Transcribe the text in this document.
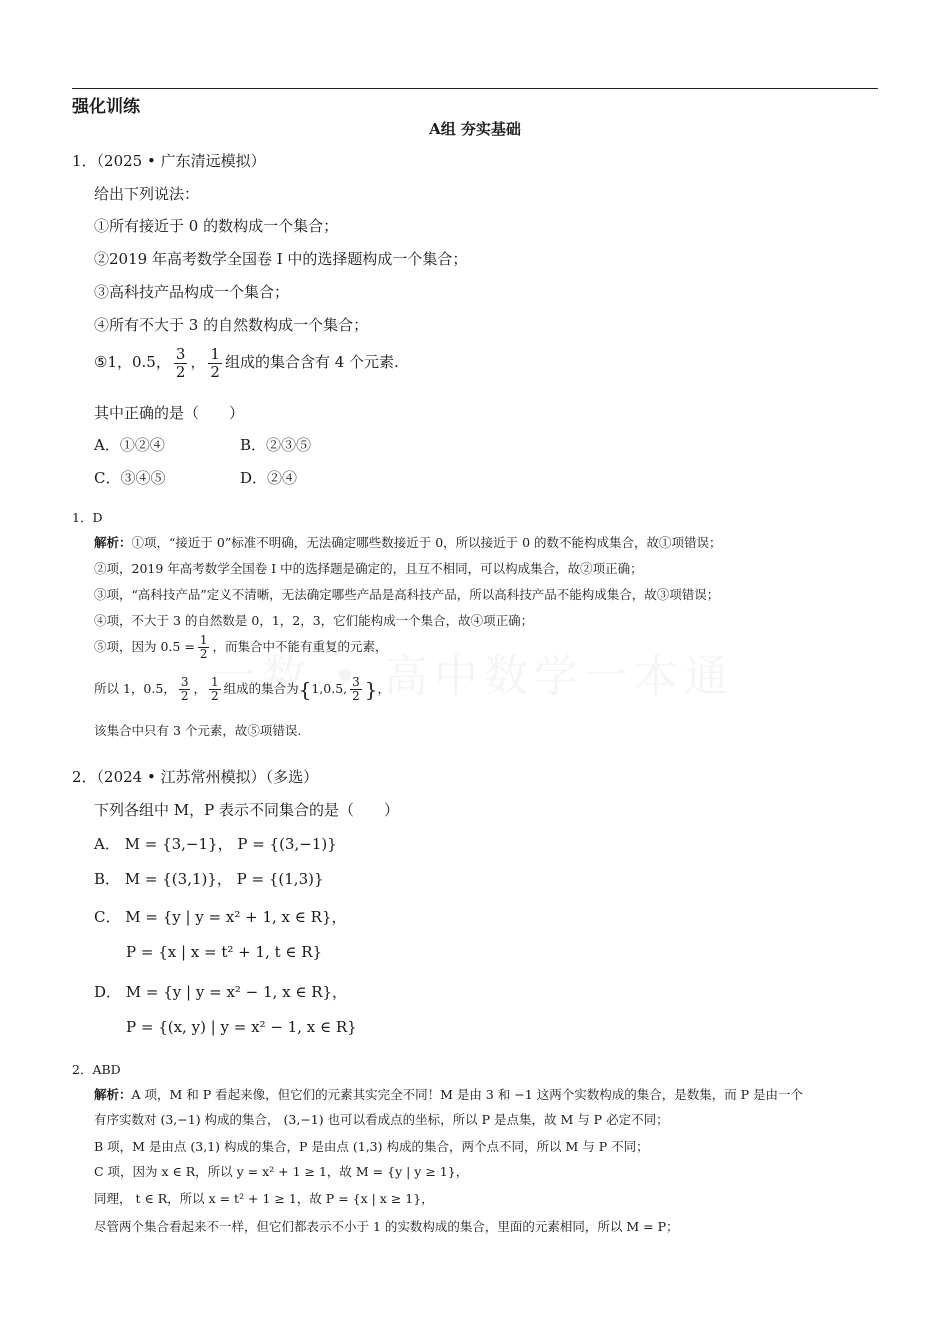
强化训练
A组 夯实基础
1．（2025 • 广东清远模拟）
给出下列说法：
①所有接近于 0 的数构成一个集合；
②2019 年高考数学全国卷 I 中的选择题构成一个集合；
③高科技产品构成一个集合；
④所有不大于 3 的自然数构成一个集合；
⑤1，0.5， $\frac{3}{2}$ ， $\frac{1}{2}$ 组成的集合含有 4 个元素.
其中正确的是（　　）
A．①②④	B．②③⑤
C．③④⑤	D．②④
1．D
解析：①项，“接近于 0”标准不明确，无法确定哪些数接近于 0，所以接近于 0 的数不能构成集合，故①项错误；
②项，2019 年高考数学全国卷 I 中的选择题是确定的，且互不相同，可以构成集合，故②项正确；
③项，“高科技产品”定义不清晰，无法确定哪些产品是高科技产品，所以高科技产品不能构成集合，故③项错误；
④项，不大于 3 的自然数是 0，1，2，3，它们能构成一个集合，故④项正确；
⑤项，因为 $0.5 = \frac{1}{2}$ ，而集合中不能有重复的元素，
所以 1，0.5， $\frac{3}{2}$ ， $\frac{1}{2}$ 组成的集合为{1,0.5, $\frac{3}{2}$ }，
该集合中只有 3 个元素，故⑤项错误.
2．（2024 • 江苏常州模拟）（多选）
下列各组中 M，P 表示不同集合的是（　　）
A． M = {3,−1}， P = {(3,−1)}
B． M = {(3,1)}， P = {(1,3)}
C． M = {y | y = x² + 1, x ∈ R}，
P = {x | x = t² + 1, t ∈ R}
D． M = {y | y = x² − 1, x ∈ R}，
P = {(x, y) | y = x² − 1, x ∈ R}
2．ABD
解析：A 项，M 和 P 看起来像，但它们的元素其实完全不同！M 是由 3 和 −1 这两个实数构成的集合，是数集，而 P 是由一个
有序实数对 (3,−1) 构成的集合， (3,−1) 也可以看成点的坐标，所以 P 是点集，故 M 与 P 必定不同；
B 项，M 是由点 (3,1) 构成的集合，P 是由点 (1,3) 构成的集合，两个点不同，所以 M 与 P 不同；
C 项，因为 x ∈ R，所以 y = x² + 1 ≥ 1，故 M = {y | y ≥ 1}，
同理， t ∈ R，所以 x = t² + 1 ≥ 1，故 P = {x | x ≥ 1}，
尽管两个集合看起来不一样，但它们都表示不小于 1 的实数构成的集合，里面的元素相同，所以 M = P；
